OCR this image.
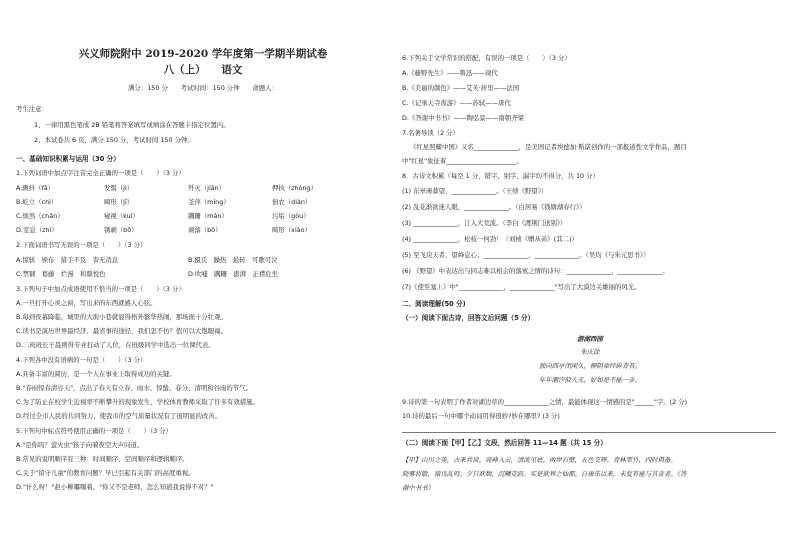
兴义师院附中 2019-2020 学年度第一学期半期试卷
八（上）　　语文
满分：150 分　　考试时间：150 分钟　　命题人：
考生注意：
1、一律用黑色笔或 2B 铅笔将答案填写或填涂在答题卡指定位置内。
2、本试卷共 6 页，满分 150 分，考试时间 150 分钟。
一、基础知识积累与运用（30 分）
1.下列词语中加点字注音完全正确的一项是（　　）（3 分）
A.颤抖（fǎ）	发髻（jì）	歼灭（jiān）	押执（zhòng）
B.屹立（chì）	畸形（jī）	荃萍（míng）	佃农（diàn）
C.烦然（chǎn）	窥视（kuī）	蹒跚（mán）	污垢（gòu）
D.室息（zhì）	锈剥（bō）	剥落（bō）	畸形（xiào）
2.下面词语书写无误的一项是（　　）（3 分）
A.惊骇　颁布　措手不及　杳无消息	B.摄氏　躁热　悬转　可歌可泣
C.禁锢　葛藤　烂漫　和颜悦色	D.吹嘘　蹒跚　澎湃　正襟危坐
3.下列句子中加点成语使用不恰当的一项是（　　）（3 分）
A.一旦打开心灵之窗，写出来的东西就感人心弦。
B.每到夜幕降临，城里的大街小巷就显得格外繁华热闹，那场面十分壮观。
C.读书是演历世界最经济、最省事的途径，我们怎不仿？值可以大饱眼福。
D.二班班长王晨则得专业打动了人位，在班级同学中选出一位课代表。
4.下列各中没有语病的一句是（　　）（3 分）
A.具备丰富的阅历，是一个人在事业上取得成功的关键。
B."春雨惊春清谷天"，点出了春天有立春、雨水、惊蛰、春分、清明和谷雨的节气。
C.为了防止在校学生近视率不断攀升的现象发生，学校体育教师采取了许多有效措施。
D.经过全市人民的共同努力，使我市的空气质量状况有了很明显的改善。
5.下列句中标点符号使用正确的一项是（　　）（3 分）
A."是你吗？萤火虫"孩子向着夜空大声问道。
B.常见的说明顺序有三种：时间顺序、空间顺序和逻辑顺序。
C.关于"留守儿童"的教育问题？早已引起有关部门的高度重视。
D."什么呀！"赵小柳嘟囔着，"你又不是老师，怎么知道我说得不对？"
6.下列关于文学常识的搭配，有误的一项是（　　）（3 分）
A.《藤野先生》——鲁迅——现代
B.《美丽的颜色》——艾芙·居里——法国
C.《记承天寺夜游》——苏轼——唐代
D.《答谢中书书》——陶弘景——南朝齐梁
7.名著导读（2 分）
《红星照耀中国》又名______________，是美国记者埃德加·斯诺创作的一部报道性文学作品，题目
中"红星"象征着______________________。
8．古诗文积累（每空 1 分，错字、别字、漏字均不得分，共 10 分）
(1) 东皋薄暮望，______________。（王绩《野望》）
(2) 乱花渐欲迷人眼，______________。（白居易《钱塘湖春行》）
(3) ______________，江入大荒流。（李白《渡荆门送别》）
(4) ______________，松枝一何劲！（刘桢《赠从弟》(其二)）
(5) 至飞戾天者，望峰息心；______________，______________。（吴均《与朱元思书》）
(6) 《野望》中表达出与同志难以相会的落寞之情的诗句：______________，______________。
(7)《使至塞上》中"______________，______________"写出了大漠边关雄丽的风光。
二、阅读理解(50 分)
（一）阅读下面古诗，回答文后问题（5 分）
游湖西园
朱庆馀
独向西亭闭闲久，柳阴牵绊碎青苔。
年年潮汐似人无，好如是不能一步。
9.诗的第一句表明了作者对湖边草的______________之情，最能体现这一情感的是"______"字。(2 分)
10.诗的最后一句中哪个动词用得很妙?妙在哪里? (3 分)
（二）阅读下面【甲】【乙】文段，然后回答 11—14 题（共 15 分）
【甲】山川之美，古来共谈。高峰入云，清流见底。两岸石壁，五色交辉。青林翠竹，四时俱备。
晓雾将歇，猿鸟乱鸣；夕日欲颓，沉鳞竞跃。实是欲界之仙都。自康乐以来，未复有能与其奇者。《答
谢中书书》
